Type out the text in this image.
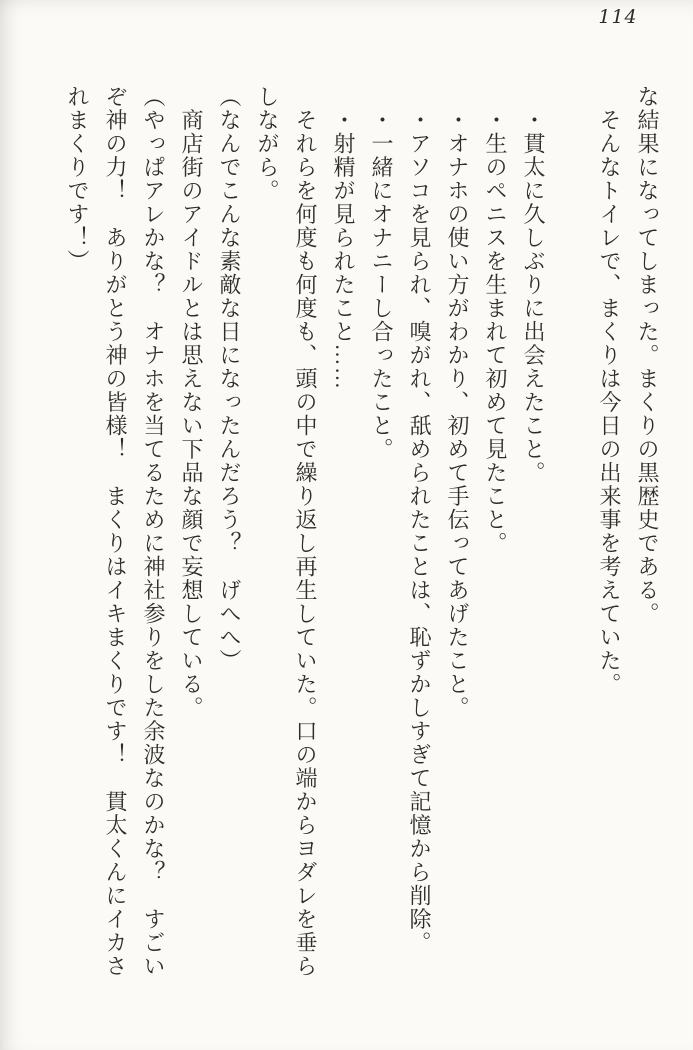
114
な結果になってしまった。まくりの黒歴史である。
　そんなトイレで、まくりは今日の出来事を考えていた。
　・貫太に久しぶりに出会えたこと。
　・生のペニスを生まれて初めて見たこと。
　・オナホの使い方がわかり、初めて手伝ってあげたこと。
　・アソコを見られ、嗅がれ、舐められたことは、恥ずかしすぎて記憶から削除。
　・一緒にオナニーし合ったこと。
　・射精が見られたこと……
　それらを何度も何度も、頭の中で繰り返し再生していた。口の端からヨダレを垂ら
しながら。
（なんでこんな素敵な日になったんだろう？　げへへ）
　商店街のアイドルとは思えない下品な顔で妄想している。
（やっぱアレかな？　オナホを当てるために神社参りをした余波なのかな？　すごい
ぞ神の力！　ありがとう神の皆様！　まくりはイキまくりです！　貫太くんにイカさ
れまくりです！）
